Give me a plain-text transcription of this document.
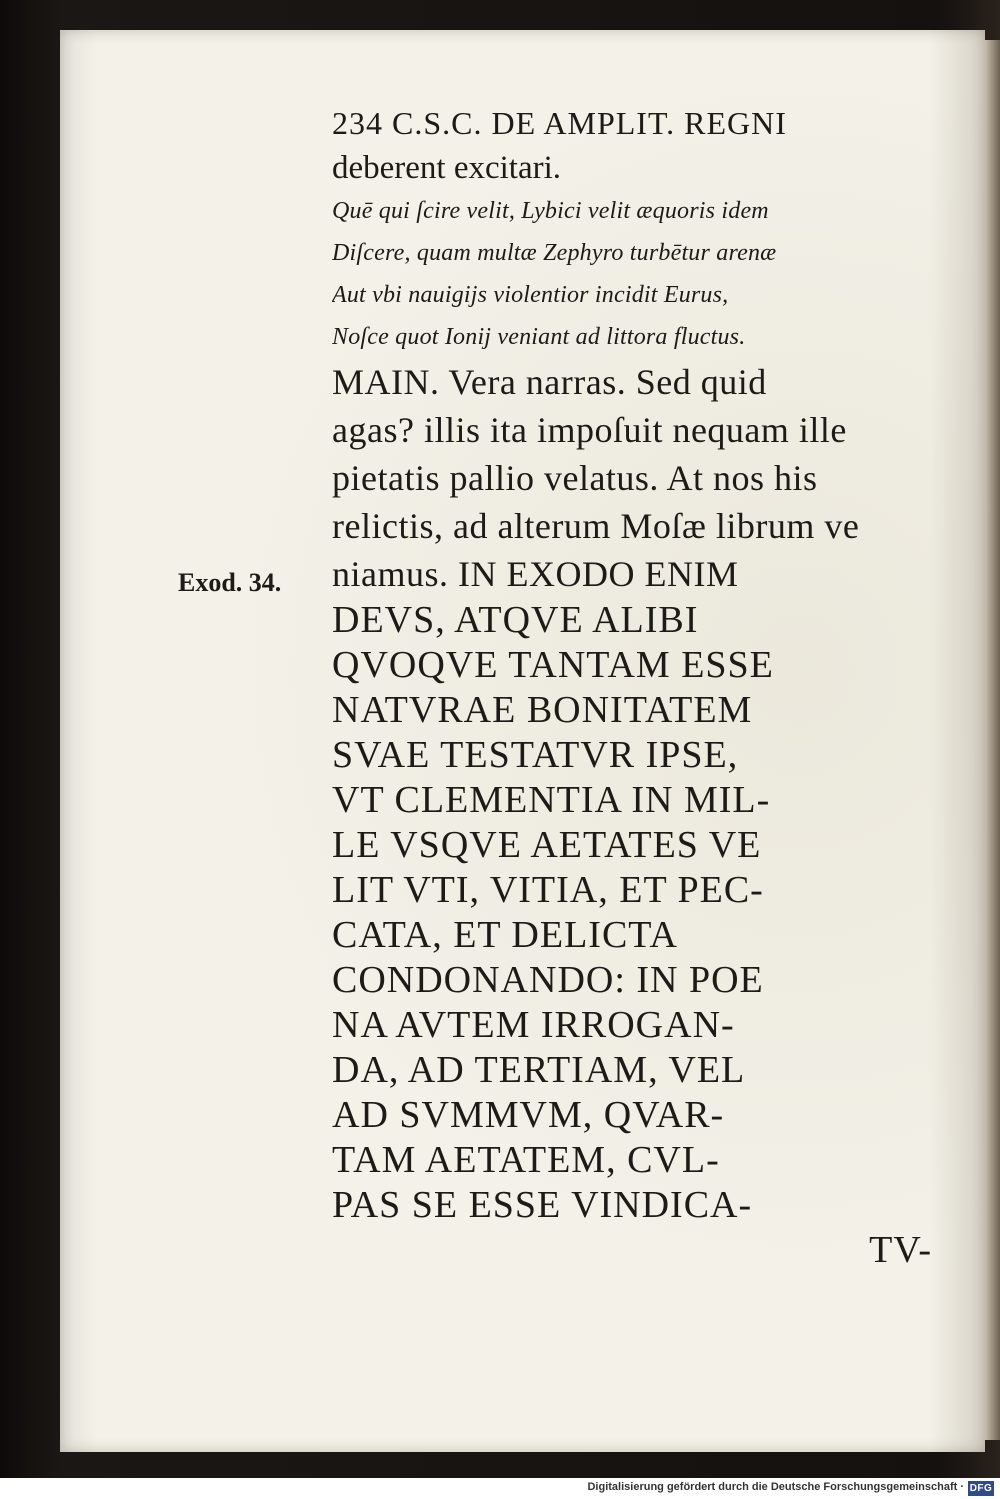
234 C.S.C. DE AMPLIT. REGNI
deberent excitari.
Quē qui ſcire velit, Lybici velit æquoris idem
Diſcere, quam multæ Zephyro turbētur arenæ
Aut vbi nauigijs violentior incidit Eurus,
Noſce quot Ionij veniant ad littora fluctus.
MAIN. Vera narras. Sed quid
agas? illis ita impoſuit nequam ille
pietatis pallio velatus. At nos his
relictis, ad alterum Moſæ librum ve
niamus. IN EXODO ENIM
DEVS, ATQVE ALIBI
QVOQVE TANTAM ESSE
NATVRAE BONITATEM
SVAE TESTATVR IPSE,
VT CLEMENTIA IN MIL-
LE VSQVE AETATES VE
LIT VTI, VITIA, ET PEC-
CATA, ET DELICTA
CONDONANDO: IN POE
NA AVTEM IRROGAN-
DA, AD TERTIAM, VEL
AD SVMMVM, QVAR-
TAM AETATEM, CVL-
PAS SE ESSE VINDICA-
TV-
Exod. 34.
Digitalisierung gefördert durch die Deutsche Forschungsgemeinschaft · DFG
